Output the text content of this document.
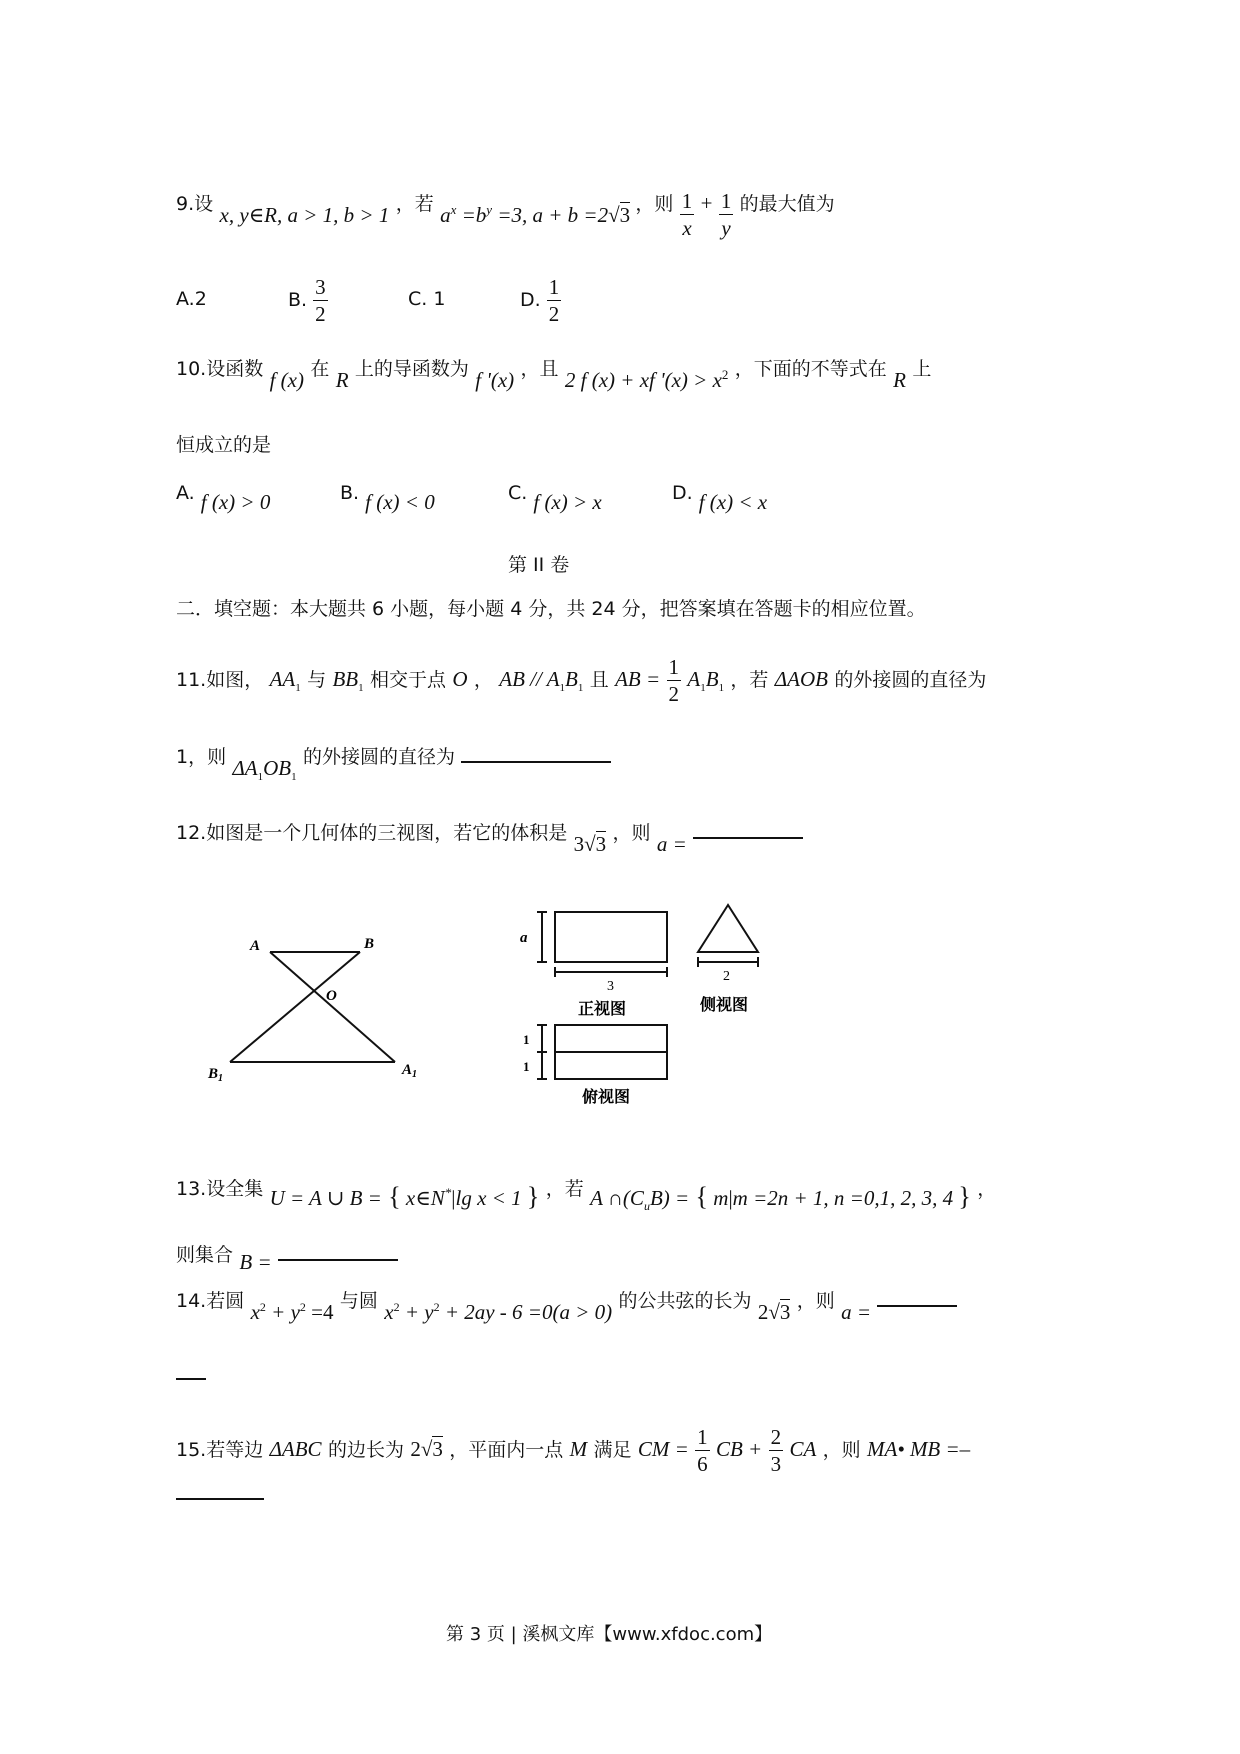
9.设 x, y∈R, a > 1, b > 1 ，若 $a^x =b^y =3$, a + b =2√3 ，则 $\frac{1}{x} + \frac{1}{y}$ 的最大值为
A.2	B. $\frac{3}{2}$	C. 1	D. $\frac{1}{2}$
10.设函数 f (x) 在 R 上的导函数为 f '(x) ，且 2 f (x) + xf '$(x) > x^2$ ，下面的不等式在 R 上
恒成立的是
A. f (x) > 0	B. f (x) < 0	C. f (x) > x	D. f (x) < x
第 II 卷
二．填空题：本大题共 6 小题，每小题 4 分，共 24 分，把答案填在答题卡的相应位置。
11.如图， $AA_1$ 与 $BB_1$ 相交于点 O ， AB // $A_1B_1$ 且 AB = $\frac{1}{2} A_1B_1$ ，若 ΔAOB 的外接圆的直径为
1，则 $\Delta A_1OB_1$ 的外接圆的直径为
12.如图是一个几何体的三视图，若它的体积是 3√3 ，则 a =
A	B
O
$B_1$
$A_1$
a
3
正视图
2
侧视图
1
1
俯视图
13.设全集 U = A ∪ B = { x∈N*|lg x < 1 } ，若 A $\cap(C_uB)$ = { m|m =2n + 1, n =0,1, 2, 3, 4 } ，
则集合 B =
14.若圆 $x^2 + y^2 =4$ 与圆 $x^2 + y^2 + 2ay - 6 =0(a > 0)$ 的公共弦的长为 2√3 ，则 a =
15.若等边 ΔABC 的边长为 2√3 ，平面内一点 M 满足 CM = $\frac{1}{6}$ CB + $\frac{2}{3}$ CA ，则 MA• MB =–
第 3 页 | 溪枫文库【www.xfdoc.com】
